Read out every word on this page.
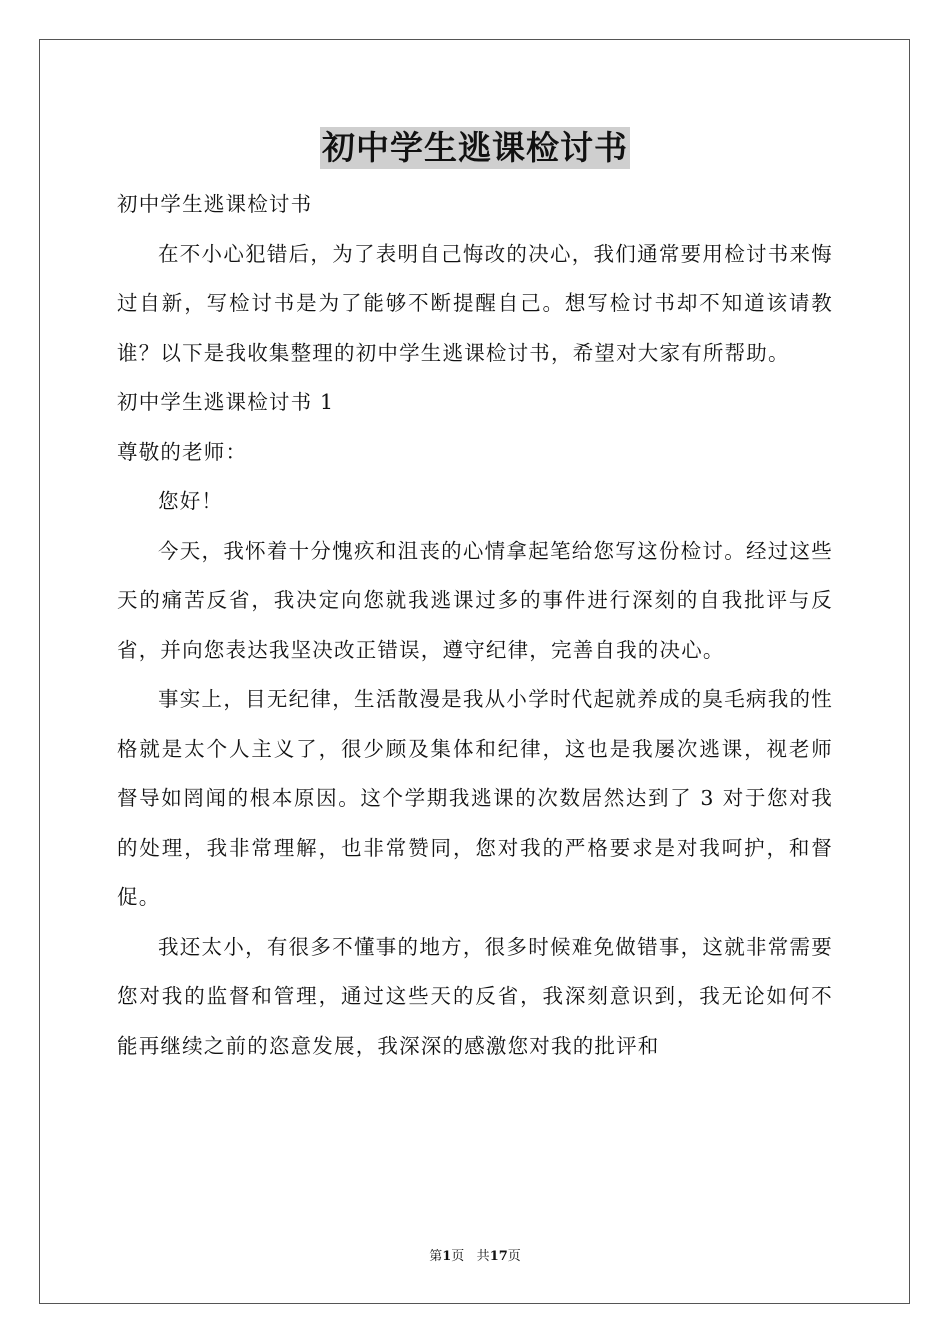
初中学生逃课检讨书

初中学生逃课检讨书

在不小心犯错后，为了表明自己悔改的决心，我们通常要用检讨书来悔过自新，写检讨书是为了能够不断提醒自己。想写检讨书却不知道该请教谁？以下是我收集整理的初中学生逃课检讨书，希望对大家有所帮助。

初中学生逃课检讨书 1

尊敬的老师：

您好！

今天，我怀着十分愧疚和沮丧的心情拿起笔给您写这份检讨。经过这些天的痛苦反省，我决定向您就我逃课过多的事件进行深刻的自我批评与反省，并向您表达我坚决改正错误，遵守纪律，完善自我的决心。

事实上，目无纪律，生活散漫是我从小学时代起就养成的臭毛病我的性格就是太个人主义了，很少顾及集体和纪律，这也是我屡次逃课，视老师督导如罔闻的根本原因。这个学期我逃课的次数居然达到了 3 对于您对我的处理，我非常理解，也非常赞同，您对我的严格要求是对我呵护，和督促。

我还太小，有很多不懂事的地方，很多时候难免做错事，这就非常需要您对我的监督和管理，通过这些天的反省，我深刻意识到，我无论如何不能再继续之前的恣意发展，我深深的感激您对我的批评和

第1页 共17页
